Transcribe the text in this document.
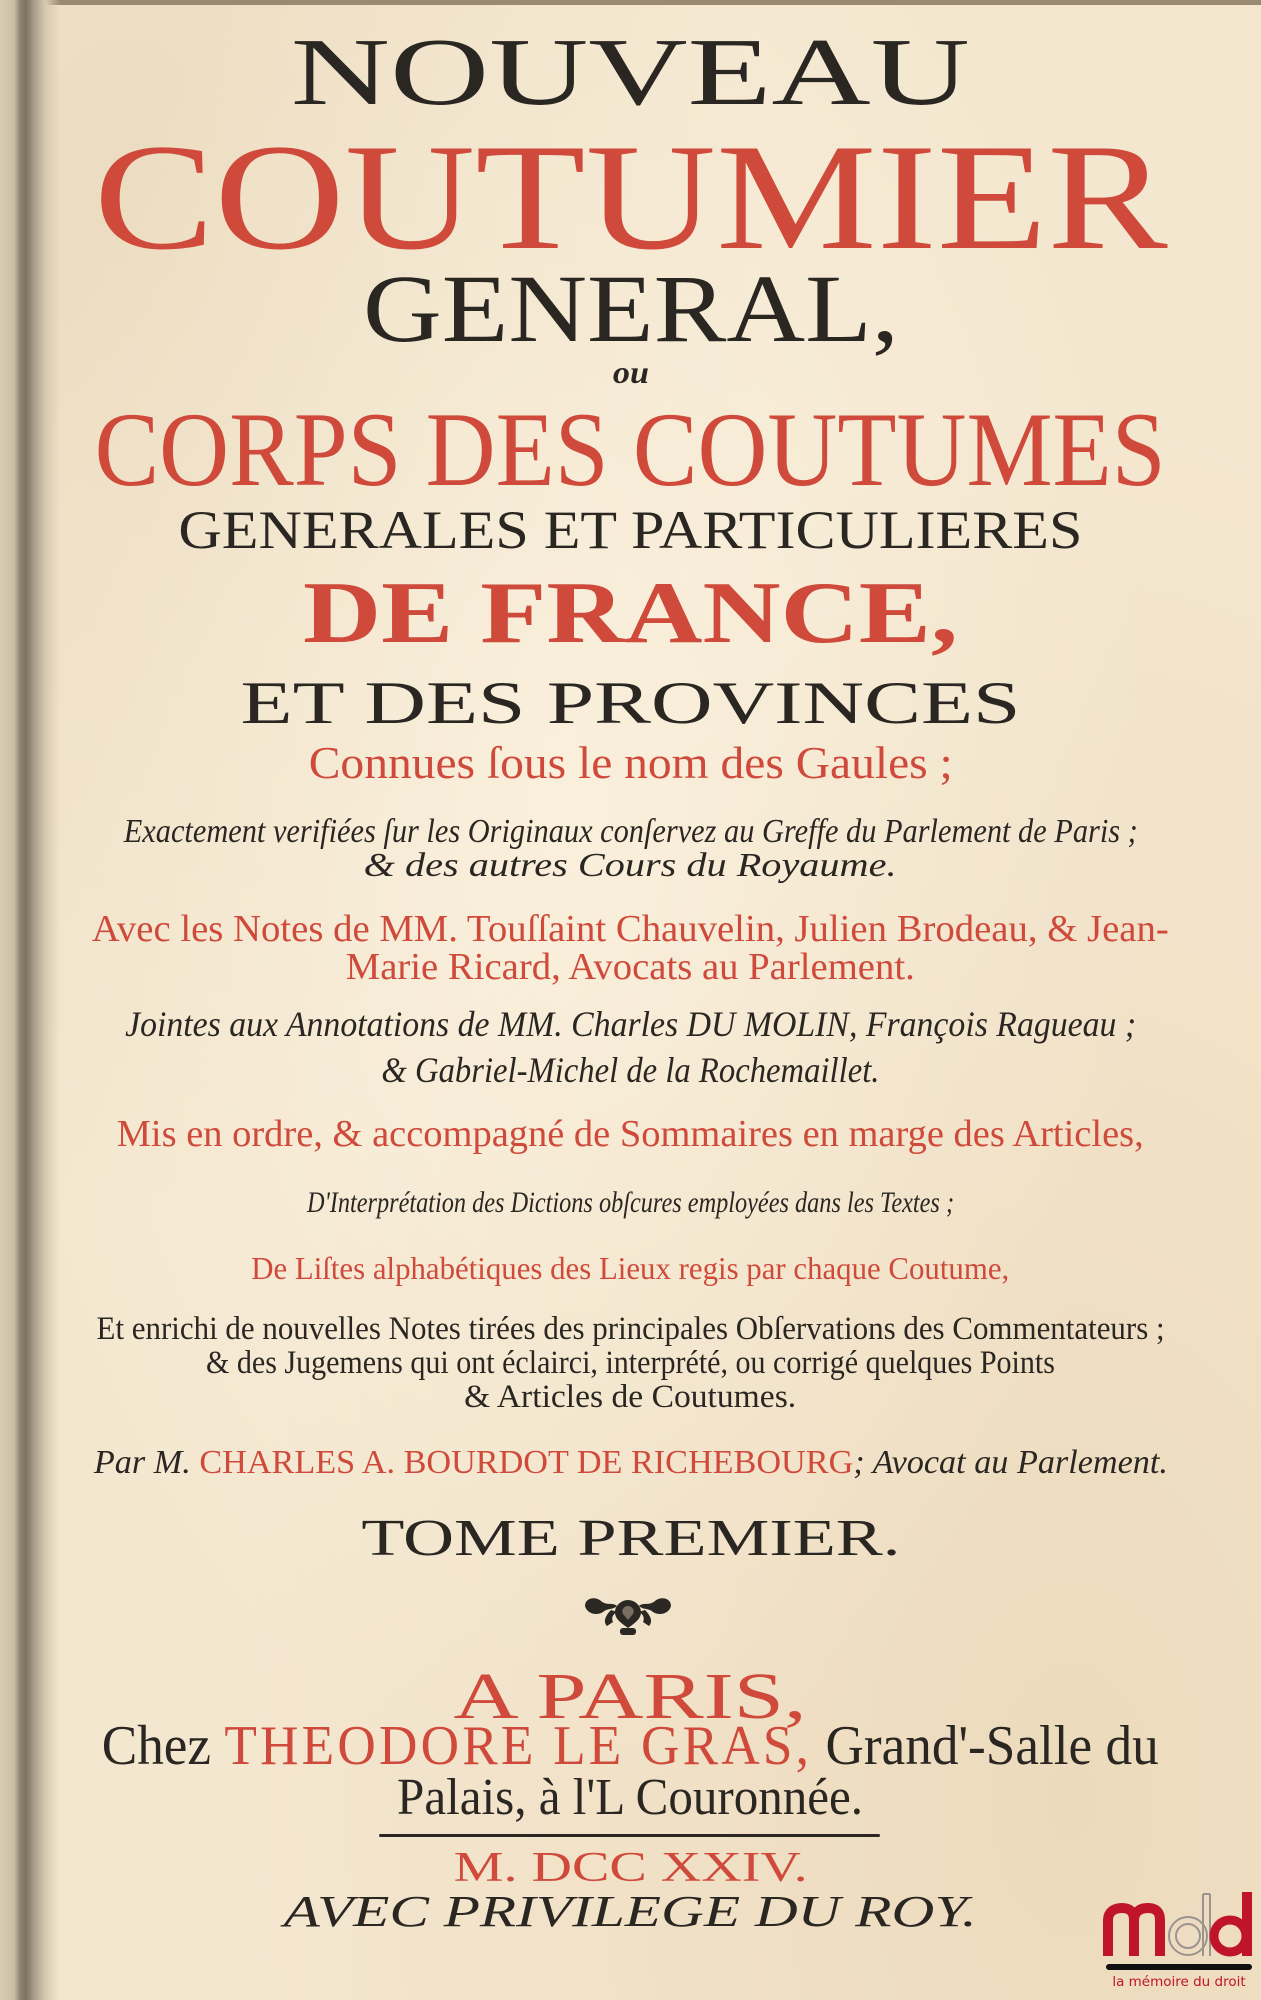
NOUVEAU
COUTUMIER
GENERAL,
ou
CORPS DES COUTUMES
GENERALES ET PARTICULIERES
DE FRANCE,
ET DES PROVINCES
Connues ſous le nom des Gaules ;
Exactement verifiées ſur les Originaux conſervez au Greffe du Parlement de Paris ;
& des autres Cours du Royaume.
Avec les Notes de MM. Touſſaint Chauvelin, Julien Brodeau, & Jean-
Marie Ricard, Avocats au Parlement.
Jointes aux Annotations de MM. Charles DU MOLIN, François Ragueau ;
& Gabriel-Michel de la Rochemaillet.
Mis en ordre, & accompagné de Sommaires en marge des Articles,
D'Interprétation des Dictions obſcures employées dans les Textes ;
De Liſtes alphabétiques des Lieux regis par chaque Coutume,
Et enrichi de nouvelles Notes tirées des principales Obſervations des Commentateurs ;
& des Jugemens qui ont éclairci, interprété, ou corrigé quelques Points
& Articles de Coutumes.
Par M. CHARLES A. BOURDOT DE RICHEBOURG; Avocat au Parlement.
TOME PREMIER.
A PARIS,
Chez THEODORE LE GRAS, Grand'-Salle du
Palais, à l'L Couronnée.
M. DCC XXIV.
AVEC PRIVILEGE DU ROY.
la mémoire du droit
